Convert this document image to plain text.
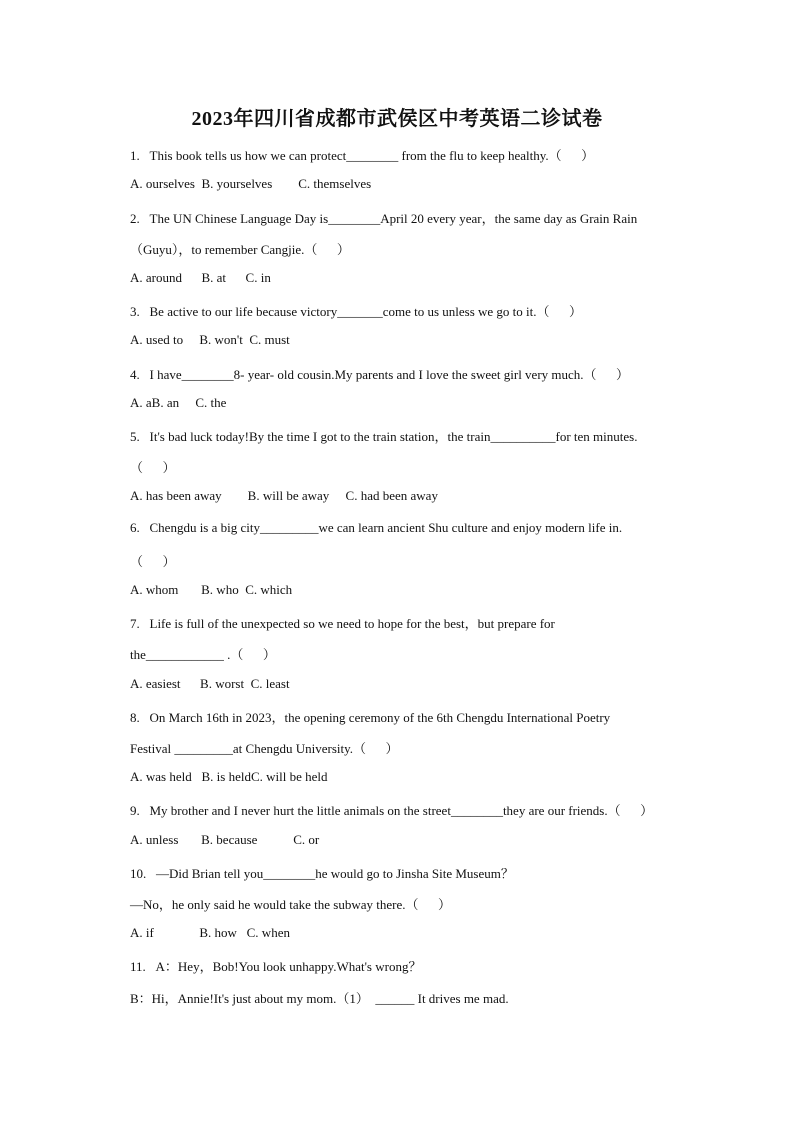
2023年四川省成都市武侯区中考英语二诊试卷
1.   This book tells us how we can protect________ from the flu to keep healthy.（      ）
A. ourselves  B. yourselves        C. themselves
2.   The UN Chinese Language Day is________April 20 every year，the same day as Grain Rain
（Guyu），to remember Cangjie.（      ）
A. around      B. at      C. in
3.   Be active to our life because victory_______come to us unless we go to it.（      ）
A. used to     B. won't  C. must
4.   I have________8- year- old cousin.My parents and I love the sweet girl very much.（      ）
A. aB. an     C. the
5.   It's bad luck today!By the time I got to the train station，the train__________for ten minutes.
（      ）
A. has been away        B. will be away     C. had been away
6.   Chengdu is a big city_________we can learn ancient Shu culture and enjoy modern life in.
（      ）
A. whom       B. who  C. which
7.   Life is full of the unexpected so we need to hope for the best，but prepare for
the____________ .（      ）
A. easiest      B. worst  C. least
8.   On March 16th in 2023，the opening ceremony of the 6th Chengdu International Poetry
Festival _________at Chengdu University.（      ）
A. was held   B. is heldC. will be held
9.   My brother and I never hurt the little animals on the street________they are our friends.（      ）
A. unless       B. because           C. or
10.   —Did Brian tell you________he would go to Jinsha Site Museum？
—No，he only said he would take the subway there.（      ）
A. if              B. how   C. when
11.   A：Hey，Bob!You look unhappy.What's wrong？
B：Hi，Annie!It's just about my mom.（1）  ______ It drives me mad.
